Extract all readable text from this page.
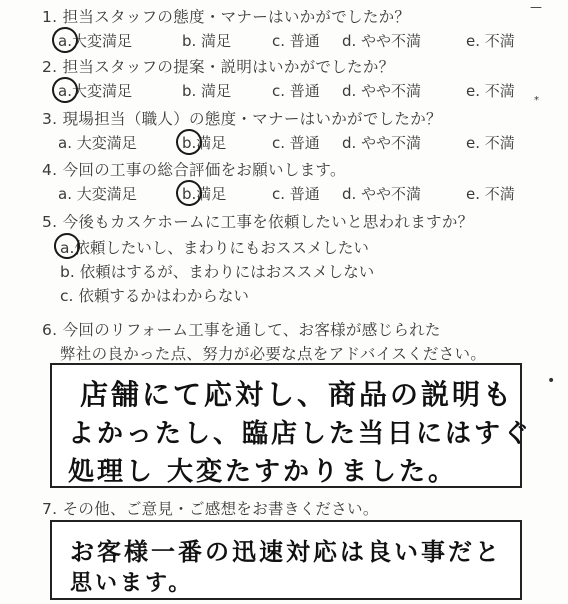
1. 担当スタッフの態度・マナーはいかがでしたか？
a.大変満足	b. 満足	c. 普通 d. やや不満	e. 不満
2. 担当スタッフの提案・説明はいかがでしたか？
a.大変満足	b. 満足	c. 普通 d. やや不満	e. 不満
3. 現場担当（職人）の態度・マナーはいかがでしたか？
a. 大変満足	b.満足	c. 普通 d. やや不満	e. 不満
4. 今回の工事の総合評価をお願いします。
a. 大変満足	b.満足	c. 普通 d. やや不満	e. 不満
5. 今後もカスケホームに工事を依頼したいと思われますか？
a.依頼したいし、まわりにもおススメしたい
b. 依頼はするが、まわりにはおススメしない
c. 依頼するかはわからない
6. 今回のリフォーム工事を通して、お客様が感じられた
弊社の良かった点、努力が必要な点をアドバイスください。
店舗にて応対し、商品の説明も
よかったし、臨店した当日にはすぐ
処理し 大変たすかりました。
7. その他、ご意見・ご感想をお書きください。
お客様一番の迅速対応は良い事だと
思います。
•
—
*
